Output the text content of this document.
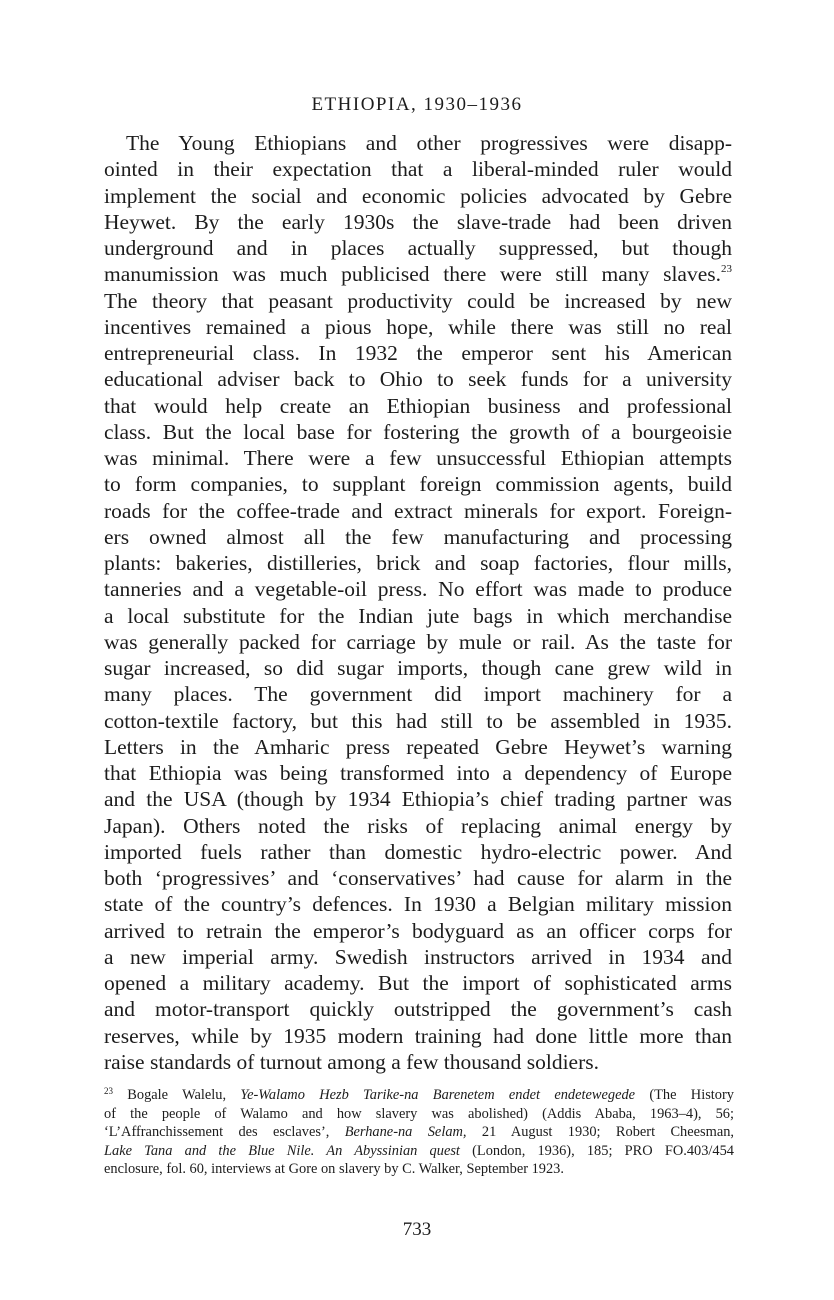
ETHIOPIA, 1930–1936
The Young Ethiopians and other progressives were disapp-
ointed in their expectation that a liberal-minded ruler would
implement the social and economic policies advocated by Gebre
Heywet. By the early 1930s the slave-trade had been driven
underground and in places actually suppressed, but though
manumission was much publicised there were still many slaves.$^{23}$
The theory that peasant productivity could be increased by new
incentives remained a pious hope, while there was still no real
entrepreneurial class. In 1932 the emperor sent his American
educational adviser back to Ohio to seek funds for a university
that would help create an Ethiopian business and professional
class. But the local base for fostering the growth of a bourgeoisie
was minimal. There were a few unsuccessful Ethiopian attempts
to form companies, to supplant foreign commission agents, build
roads for the coffee-trade and extract minerals for export. Foreign-
ers owned almost all the few manufacturing and processing
plants: bakeries, distilleries, brick and soap factories, flour mills,
tanneries and a vegetable-oil press. No effort was made to produce
a local substitute for the Indian jute bags in which merchandise
was generally packed for carriage by mule or rail. As the taste for
sugar increased, so did sugar imports, though cane grew wild in
many places. The government did import machinery for a
cotton-textile factory, but this had still to be assembled in 1935.
Letters in the Amharic press repeated Gebre Heywet’s warning
that Ethiopia was being transformed into a dependency of Europe
and the USA (though by 1934 Ethiopia’s chief trading partner was
Japan). Others noted the risks of replacing animal energy by
imported fuels rather than domestic hydro-electric power. And
both ‘progressives’ and ‘conservatives’ had cause for alarm in the
state of the country’s defences. In 1930 a Belgian military mission
arrived to retrain the emperor’s bodyguard as an officer corps for
a new imperial army. Swedish instructors arrived in 1934 and
opened a military academy. But the import of sophisticated arms
and motor-transport quickly outstripped the government’s cash
reserves, while by 1935 modern training had done little more than
raise standards of turnout among a few thousand soldiers.
$^{23}$ Bogale Walelu, Ye-Walamo Hezb Tarike-na Barenetem endet endetewegede (The History
of the people of Walamo and how slavery was abolished) (Addis Ababa, 1963–4), 56;
‘L’Affranchissement des esclaves’, Berhane-na Selam, 21 August 1930; Robert Cheesman,
Lake Tana and the Blue Nile. An Abyssinian quest (London, 1936), 185; PRO FO.403/454
enclosure, fol. 60, interviews at Gore on slavery by C. Walker, September 1923.
733
